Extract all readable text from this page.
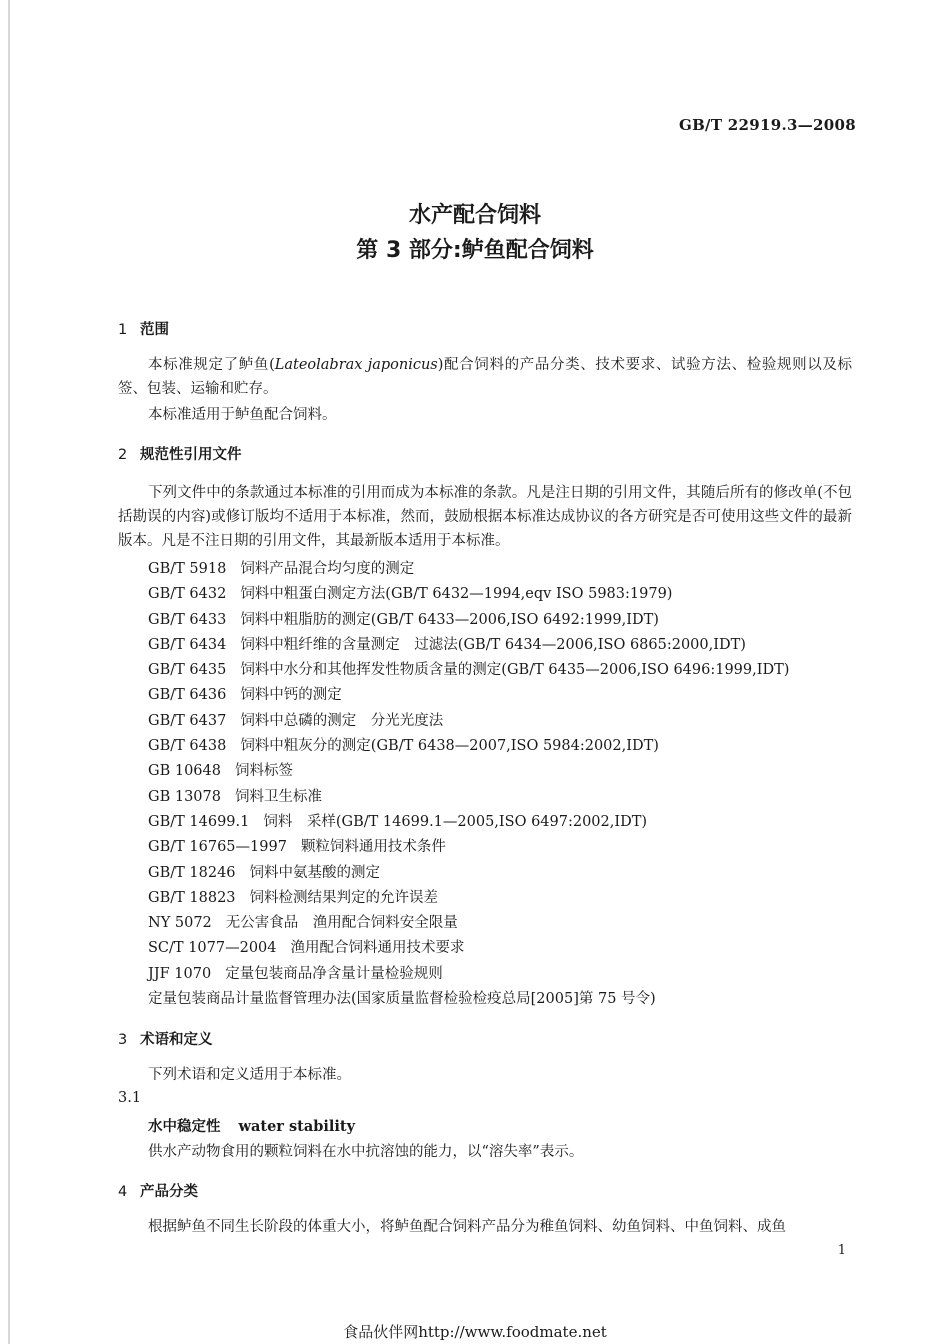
GB/T 22919.3—2008
水产配合饲料
第 3 部分:鲈鱼配合饲料
1 范围
本标准规定了鲈鱼(Lateolabrax japonicus)配合饲料的产品分类、技术要求、试验方法、检验规则以及标签、包装、运输和贮存。
本标准适用于鲈鱼配合饲料。
2 规范性引用文件
下列文件中的条款通过本标准的引用而成为本标准的条款。凡是注日期的引用文件，其随后所有的修改单(不包括勘误的内容)或修订版均不适用于本标准，然而，鼓励根据本标准达成协议的各方研究是否可使用这些文件的最新版本。凡是不注日期的引用文件，其最新版本适用于本标准。
GB/T 5918 饲料产品混合均匀度的测定
GB/T 6432 饲料中粗蛋白测定方法(GB/T 6432—1994,eqv ISO 5983:1979)
GB/T 6433 饲料中粗脂肪的测定(GB/T 6433—2006,ISO 6492:1999,IDT)
GB/T 6434 饲料中粗纤维的含量测定　过滤法(GB/T 6434—2006,ISO 6865:2000,IDT)
GB/T 6435 饲料中水分和其他挥发性物质含量的测定(GB/T 6435—2006,ISO 6496:1999,IDT)
GB/T 6436 饲料中钙的测定
GB/T 6437 饲料中总磷的测定　分光光度法
GB/T 6438 饲料中粗灰分的测定(GB/T 6438—2007,ISO 5984:2002,IDT)
GB 10648 饲料标签
GB 13078 饲料卫生标准
GB/T 14699.1 饲料　采样(GB/T 14699.1—2005,ISO 6497:2002,IDT)
GB/T 16765—1997 颗粒饲料通用技术条件
GB/T 18246 饲料中氨基酸的测定
GB/T 18823 饲料检测结果判定的允许误差
NY 5072 无公害食品　渔用配合饲料安全限量
SC/T 1077—2004 渔用配合饲料通用技术要求
JJF 1070 定量包装商品净含量计量检验规则
定量包装商品计量监督管理办法(国家质量监督检验检疫总局[2005]第 75 号令)
3 术语和定义
下列术语和定义适用于本标准。
3.1
水中稳定性 water stability
供水产动物食用的颗粒饲料在水中抗溶蚀的能力，以“溶失率”表示。
4 产品分类
根据鲈鱼不同生长阶段的体重大小，将鲈鱼配合饲料产品分为稚鱼饲料、幼鱼饲料、中鱼饲料、成鱼
1
食品伙伴网http://www.foodmate.net
